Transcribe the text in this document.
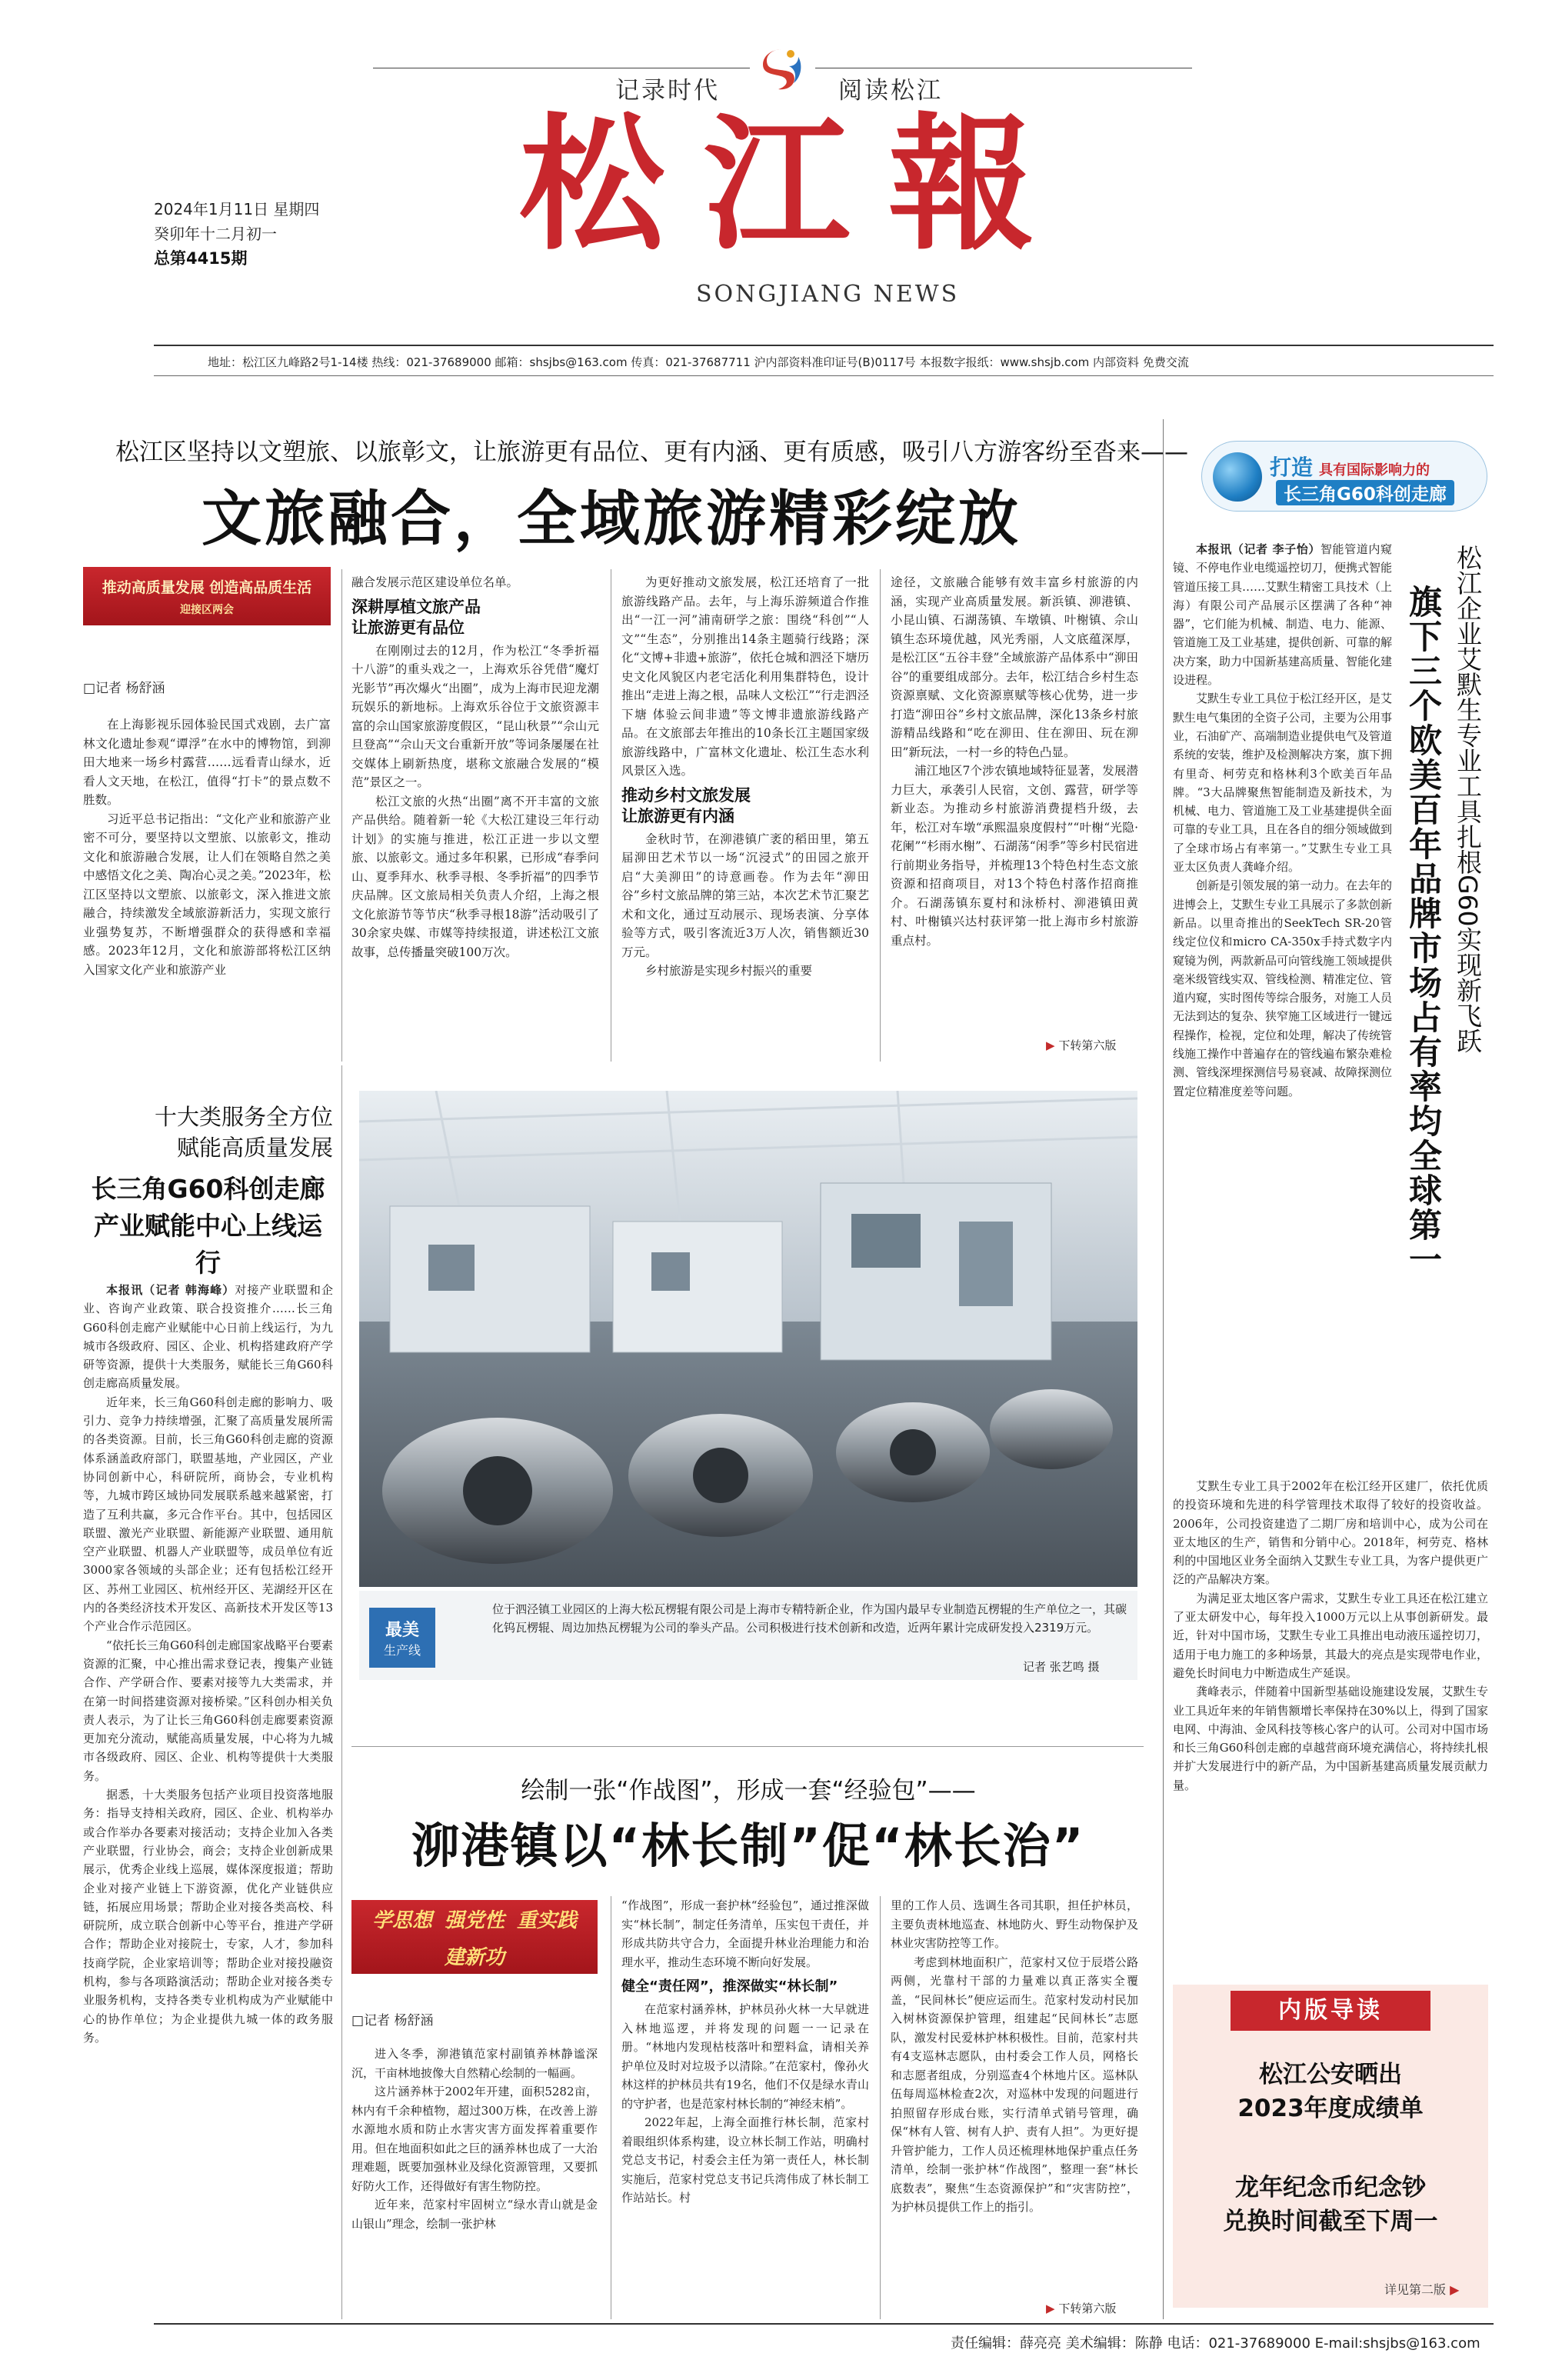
记录时代	阅读松江
松江報
SONGJIANG NEWS
2024年1月11日 星期四
癸卯年十二月初一
总第4415期
地址：松江区九峰路2号1-14楼 热线：021-37689000 邮箱：shsjbs@163.com 传真：021-37687711 沪内部资料准印证号(B)0117号 本报数字报纸：www.shsjb.com 内部资料 免费交流
松江区坚持以文塑旅、以旅彰文，让旅游更有品位、更有内涵、更有质感，吸引八方游客纷至沓来——
文旅融合，全域旅游精彩绽放
推动高质量发展 创造高品质生活
迎接区两会
□记者 杨舒涵

在上海影视乐园体验民国式戏剧，去广富林文化遗址参观“谭浮”在水中的博物馆，到泖田大地来一场乡村露营……远看青山绿水，近看人文天地，在松江，值得“打卡”的景点数不胜数。

习近平总书记指出：“文化产业和旅游产业密不可分，要坚持以文塑旅、以旅彰文，推动文化和旅游融合发展，让人们在领略自然之美中感悟文化之美、陶冶心灵之美。”2023年，松江区坚持以文塑旅、以旅彰文，深入推进文旅融合，持续激发全域旅游新活力，实现文旅行业强势复苏，不断增强群众的获得感和幸福感。2023年12月，文化和旅游部将松江区纳入国家文化产业和旅游产业

融合发展示范区建设单位名单。

深耕厚植文旅产品
让旅游更有品位

在刚刚过去的12月，作为松江“冬季折福十八游”的重头戏之一，上海欢乐谷凭借“魔灯光影节”再次爆火“出圈”，成为上海市民迎龙潮玩娱乐的新地标。上海欢乐谷位于文旅资源丰富的佘山国家旅游度假区，“昆山秋景”“佘山元旦登高”“佘山天文台重新开放”等词条屡屡在社交媒体上刷新热度，堪称文旅融合发展的“模范”景区之一。

松江文旅的火热“出圈”离不开丰富的文旅产品供给。随着新一轮《大松江建设三年行动计划》的实施与推进，松江正进一步以文塑旅、以旅彰文。通过多年积累，已形成“春季问山、夏季拜水、秋季寻根、冬季折福”的四季节庆品牌。区文旅局相关负责人介绍，上海之根文化旅游节等节庆“秋季寻根18游”活动吸引了30余家央媒、市媒等持续报道，讲述松江文旅故事，总传播量突破100万次。

为更好推动文旅发展，松江还培育了一批旅游线路产品。去年，与上海乐游频道合作推出“一江一河”浦南研学之旅：围绕“科创”“人文”“生态”，分别推出14条主题骑行线路；深化“文博+非遗+旅游”，依托仓城和泗泾下塘历史文化风貌区内老宅活化利用集群特色，设计推出“走进上海之根，品味人文松江”“行走泗泾下塘 体验云间非遗”等文博非遗旅游线路产品。在文旅部去年推出的10条长江主题国家级旅游线路中，广富林文化遗址、松江生态水利风景区入选。

推动乡村文旅发展
让旅游更有内涵

金秋时节，在泖港镇广袤的稻田里，第五届泖田艺术节以一场“沉浸式”的田园之旅开启“大美泖田”的诗意画卷。作为去年“泖田谷”乡村文旅品牌的第三站，本次艺术节汇聚艺术和文化，通过互动展示、现场表演、分享体验等方式，吸引客流近3万人次，销售额近30万元。

乡村旅游是实现乡村振兴的重要

途径，文旅融合能够有效丰富乡村旅游的内涵，实现产业高质量发展。新浜镇、泖港镇、小昆山镇、石湖荡镇、车墩镇、叶榭镇、佘山镇生态环境优越，风光秀丽，人文底蕴深厚，是松江区“五谷丰登”全域旅游产品体系中“泖田谷”的重要组成部分。去年，松江结合乡村生态资源禀赋、文化资源禀赋等核心优势，进一步打造“泖田谷”乡村文旅品牌，深化13条乡村旅游精品线路和“吃在泖田、住在泖田、玩在泖田”新玩法，一村一乡的特色凸显。

浦江地区7个涉农镇地域特征显著，发展潜力巨大，承袭引人民宿，文创、露营，研学等新业态。为推动乡村旅游消费提档升级，去年，松江对车墩“承熙温泉度假村”“叶榭“光隐·花阑”“杉雨水榭”、石湖荡“闲季”等乡村民宿进行前期业务指导，并梳理13个特色村生态文旅资源和招商项目，对13个特色村落作招商推介。石湖荡镇东夏村和泳桥村、泖港镇田黄村、叶榭镇兴达村获评第一批上海市乡村旅游重点村。

▶ 下转第六版
最美
生产线
位于泗泾镇工业园区的上海大松瓦楞辊有限公司是上海市专精特新企业，作为国内最早专业制造瓦楞辊的生产单位之一，其碳化钨瓦楞辊、周边加热瓦楞辊为公司的拳头产品。公司积极进行技术创新和改造，近两年累计完成研发投入2319万元。
记者 张艺鸣 摄
十大类服务全方位
赋能高质量发展
长三角G60科创走廊
产业赋能中心上线运行

本报讯（记者 韩海峰）对接产业联盟和企业、咨询产业政策、联合投资推介……长三角G60科创走廊产业赋能中心日前上线运行，为九城市各级政府、园区、企业、机构搭建政府产学研等资源，提供十大类服务，赋能长三角G60科创走廊高质量发展。

近年来，长三角G60科创走廊的影响力、吸引力、竞争力持续增强，汇聚了高质量发展所需的各类资源。目前，长三角G60科创走廊的资源体系涵盖政府部门，联盟基地，产业园区，产业协同创新中心，科研院所，商协会，专业机构等，九城市跨区域协同发展联系越来越紧密，打造了互利共赢，多元合作平台。其中，包括园区联盟、激光产业联盟、新能源产业联盟、通用航空产业联盟、机器人产业联盟等，成员单位有近3000家各领域的头部企业；还有包括松江经开区、苏州工业园区、杭州经开区、芜湖经开区在内的各类经济技术开发区、高新技术开发区等13个产业合作示范园区。

“依托长三角G60科创走廊国家战略平台要素资源的汇聚，中心推出需求登记表，搜集产业链合作、产学研合作、要素对接等九大类需求，并在第一时间搭建资源对接桥梁。”区科创办相关负责人表示，为了让长三角G60科创走廊要素资源更加充分流动，赋能高质量发展，中心将为九城市各级政府、园区、企业、机构等提供十大类服务。

据悉，十大类服务包括产业项目投资落地服务：指导支持相关政府，园区、企业、机构举办或合作举办各要素对接活动；支持企业加入各类产业联盟，行业协会，商会；支持企业创新成果展示，优秀企业线上巡展，媒体深度报道；帮助企业对接产业链上下游资源，优化产业链供应链，拓展应用场景；帮助企业对接各类高校、科研院所，成立联合创新中心等平台，推进产学研合作；帮助企业对接院士，专家，人才，参加科技商学院，企业家培训等；帮助企业对接投融资机构，参与各项路演活动；帮助企业对接各类专业服务机构，支持各类专业机构成为产业赋能中心的协作单位；为企业提供九城一体的政务服务。

打造 具有国际影响力的
长三角G60科创走廊
松江企业艾默生专业工具扎根G60实现新飞跃
旗下三个欧美百年品牌市场占有率均全球第一

本报讯（记者 李子怡）智能管道内窥镜、不停电作业电缆遥控切刀，便携式智能管道压接工具……艾默生精密工具技术（上海）有限公司产品展示区摆满了各种“神器”，它们能为机械、制造、电力、能源、管道施工及工业基建，提供创新、可靠的解决方案，助力中国新基建高质量、智能化建设进程。

艾默生专业工具位于松江经开区，是艾默生电气集团的全资子公司，主要为公用事业，石油矿产、高端制造业提供电气及管道系统的安装，维护及检测解决方案，旗下拥有里奇、柯劳克和格林利3个欧美百年品牌。“3大品牌聚焦智能制造及新技术，为机械、电力、管道施工及工业基建提供全面可靠的专业工具，且在各自的细分领域做到了全球市场占有率第一。”艾默生专业工具亚太区负责人龚峰介绍。

创新是引领发展的第一动力。在去年的进博会上，艾默生专业工具展示了多款创新新品。以里奇推出的SeekTech SR-20管线定位仪和micro CA-350x手持式数字内窥镜为例，两款新品可向管线施工领域提供毫米级管线实双、管线检测、精准定位、管道内窥，实时图传等综合服务，对施工人员无法到达的复杂、狭窄施工区域进行一键远程操作，检视，定位和处理，解决了传统管线施工操作中普遍存在的管线遍布繁杂难检测、管线深埋探测信号易衰减、故障探测位置定位精准度差等问题。

艾默生专业工具于2002年在松江经开区建厂，依托优质的投资环境和先进的科学管理技术取得了较好的投资收益。2006年，公司投资建造了二期厂房和培训中心，成为公司在亚太地区的生产，销售和分销中心。2018年，柯劳克、格林利的中国地区业务全面纳入艾默生专业工具，为客户提供更广泛的产品解决方案。

为满足亚太地区客户需求，艾默生专业工具还在松江建立了亚太研发中心，每年投入1000万元以上从事创新研发。最近，针对中国市场，艾默生专业工具推出电动液压遥控切刀，适用于电力施工的多种场景，其最大的亮点是实现带电作业，避免长时间电力中断造成生产延误。

龚峰表示，伴随着中国新型基础设施建设发展，艾默生专业工具近年来的年销售额增长率保持在30%以上，得到了国家电网、中海油、金风科技等核心客户的认可。公司对中国市场和长三角G60科创走廊的卓越营商环境充满信心，将持续扎根并扩大发展进行中的新产品，为中国新基建高质量发展贡献力量。

绘制一张“作战图”，形成一套“经验包”——
泖港镇以“林长制”促“林长治”
学思想 强党性 重实践
建新功
□记者 杨舒涵

进入冬季，泖港镇范家村副镇养林静谧深沉，干亩林地披像大自然精心绘制的一幅画。

这片涵养林于2002年开建，面积5282亩，林内有千余种植物，超过300万株，在改善上游水源地水质和防止水害灾害方面发挥着重要作用。但在地面积如此之巨的涵养林也成了一大治理难题，既要加强林业及绿化资源管理，又要抓好防火工作，还得做好有害生物防控。

近年来，范家村牢固树立“绿水青山就是金山银山”理念，绘制一张护林

“作战图”，形成一套护林“经验包”，通过推深做实“林长制”，制定任务清单，压实包干责任，并形成共防共守合力，全面提升林业治理能力和治理水平，推动生态环境不断向好发展。

健全“责任网”，推深做实“林长制”

在范家村涵养林，护林员孙火林一大早就进入林地巡逻，并将发现的问题一一记录在册。“林地内发现枯枝落叶和塑料盒，请相关养护单位及时对垃圾予以清除。”在范家村，像孙火林这样的护林员共有19名，他们不仅是绿水青山的守护者，也是范家村林长制的“神经末梢”。

2022年起，上海全面推行林长制，范家村着眼组织体系构建，设立林长制工作站，明确村党总支书记，村委会主任为第一责任人，林长制实施后，范家村党总支书记兵湾伟成了林长制工作站站长。村

里的工作人员、选调生各司其职，担任护林员，主要负责林地巡查、林地防火、野生动物保护及林业灾害防控等工作。

考虑到林地面积广，范家村又位于辰塔公路两侧，光靠村干部的力量难以真正落实全覆盖，“民间林长”便应运而生。范家村发动村民加入树林资源保护管理，组建起“民间林长”志愿队，激发村民爱林护林积极性。目前，范家村共有4支巡林志愿队，由村委会工作人员，网格长和志愿者组成，分别巡查4个林地片区。巡林队伍每周巡林检查2次，对巡林中发现的问题进行拍照留存形成台账，实行清单式销号管理，确保“林有人管、树有人护、责有人担”。为更好提升管护能力，工作人员还梳理林地保护重点任务清单，绘制一张护林“作战图”，整理一套“林长底数表”，聚焦“生态资源保护”和“灾害防控”，为护林员提供工作上的指引。

▶ 下转第六版
内版导读
松江公安晒出
2023年度成绩单
龙年纪念币纪念钞
兑换时间截至下周一
详见第二版 ▶
责任编辑：薛亮亮 美术编辑：陈静 电话：021-37689000 E-mail:shsjbs@163.com
